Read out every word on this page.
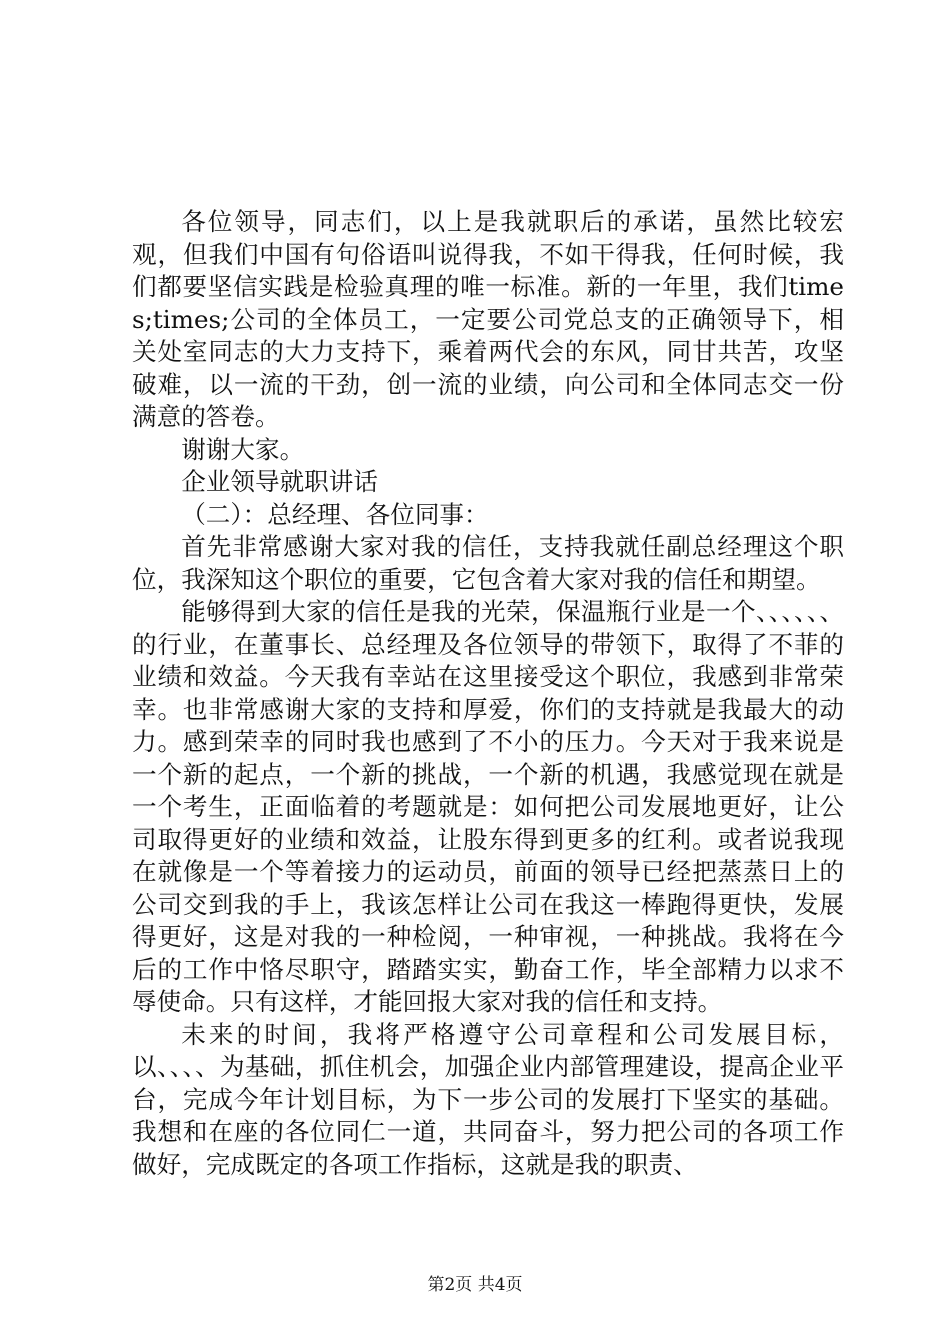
各位领导，同志们，以上是我就职后的承诺，虽然比较宏观，但我们中国有句俗语叫说得我，不如干得我，任何时候，我们都要坚信实践是检验真理的唯一标准。新的一年里，我们times;times;公司的全体员工，一定要公司党总支的正确领导下，相关处室同志的大力支持下，乘着两代会的东风，同甘共苦，攻坚破难，以一流的干劲，创一流的业绩，向公司和全体同志交一份满意的答卷。

谢谢大家。

企业领导就职讲话

（二）：总经理、各位同事：

首先非常感谢大家对我的信任，支持我就任副总经理这个职位，我深知这个职位的重要，它包含着大家对我的信任和期望。

能够得到大家的信任是我的光荣，保温瓶行业是一个、、、、、、的行业，在董事长、总经理及各位领导的带领下，取得了不菲的业绩和效益。今天我有幸站在这里接受这个职位，我感到非常荣幸。也非常感谢大家的支持和厚爱，你们的支持就是我最大的动力。感到荣幸的同时我也感到了不小的压力。今天对于我来说是一个新的起点，一个新的挑战，一个新的机遇，我感觉现在就是一个考生，正面临着的考题就是：如何把公司发展地更好，让公司取得更好的业绩和效益，让股东得到更多的红利。或者说我现在就像是一个等着接力的运动员，前面的领导已经把蒸蒸日上的公司交到我的手上，我该怎样让公司在我这一棒跑得更快，发展得更好，这是对我的一种检阅，一种审视，一种挑战。我将在今后的工作中恪尽职守，踏踏实实，勤奋工作，毕全部精力以求不辱使命。只有这样，才能回报大家对我的信任和支持。

未来的时间，我将严格遵守公司章程和公司发展目标，以、、、、为基础，抓住机会，加强企业内部管理建设，提高企业平台，完成今年计划目标，为下一步公司的发展打下坚实的基础。我想和在座的各位同仁一道，共同奋斗，努力把公司的各项工作做好，完成既定的各项工作指标，这就是我的职责、

第2页 共4页
